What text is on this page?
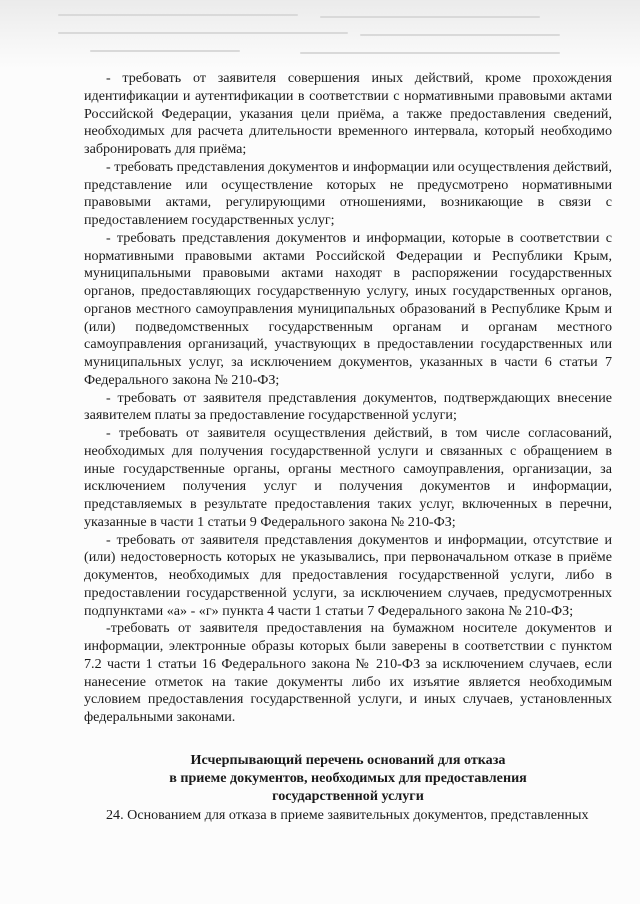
- требовать от заявителя совершения иных действий, кроме прохождения идентификации и аутентификации в соответствии с нормативными правовыми актами Российской Федерации, указания цели приёма, а также предоставления сведений, необходимых для расчета длительности временного интервала, который необходимо забронировать для приёма;

- требовать представления документов и информации или осуществления действий, представление или осуществление которых не предусмотрено нормативными правовыми актами, регулирующими отношениями, возникающие в связи с предоставлением государственных услуг;

- требовать представления документов и информации, которые в соответствии с нормативными правовыми актами Российской Федерации и Республики Крым, муниципальными правовыми актами находят в распоряжении государственных органов, предоставляющих государственную услугу, иных государственных органов, органов местного самоуправления муниципальных образований в Республике Крым и (или) подведомственных государственным органам и органам местного самоуправления организаций, участвующих в предоставлении государственных или муниципальных услуг, за исключением документов, указанных в части 6 статьи 7 Федерального закона № 210-ФЗ;

- требовать от заявителя представления документов, подтверждающих внесение заявителем платы за предоставление государственной услуги;

- требовать от заявителя осуществления действий, в том числе согласований, необходимых для получения государственной услуги и связанных с обращением в иные государственные органы, органы местного самоуправления, организации, за исключением получения услуг и получения документов и информации, представляемых в результате предоставления таких услуг, включенных в перечни, указанные в части 1 статьи 9 Федерального закона № 210-ФЗ;

- требовать от заявителя представления документов и информации, отсутствие и (или) недостоверность которых не указывались, при первоначальном отказе в приёме документов, необходимых для предоставления государственной услуги, либо в предоставлении государственной услуги, за исключением случаев, предусмотренных подпунктами «а» - «г» пункта 4 части 1 статьи 7 Федерального закона № 210-ФЗ;

-требовать от заявителя предоставления на бумажном носителе документов и информации, электронные образы которых были заверены в соответствии с пунктом 7.2 части 1 статьи 16 Федерального закона № 210-ФЗ за исключением случаев, если нанесение отметок на такие документы либо их изъятие является необходимым условием предоставления государственной услуги, и иных случаев, установленных федеральными законами.

Исчерпывающий перечень оснований для отказа
в приеме документов, необходимых для предоставления
государственной услуги
24. Основанием для отказа в приеме заявительных документов, представленных
